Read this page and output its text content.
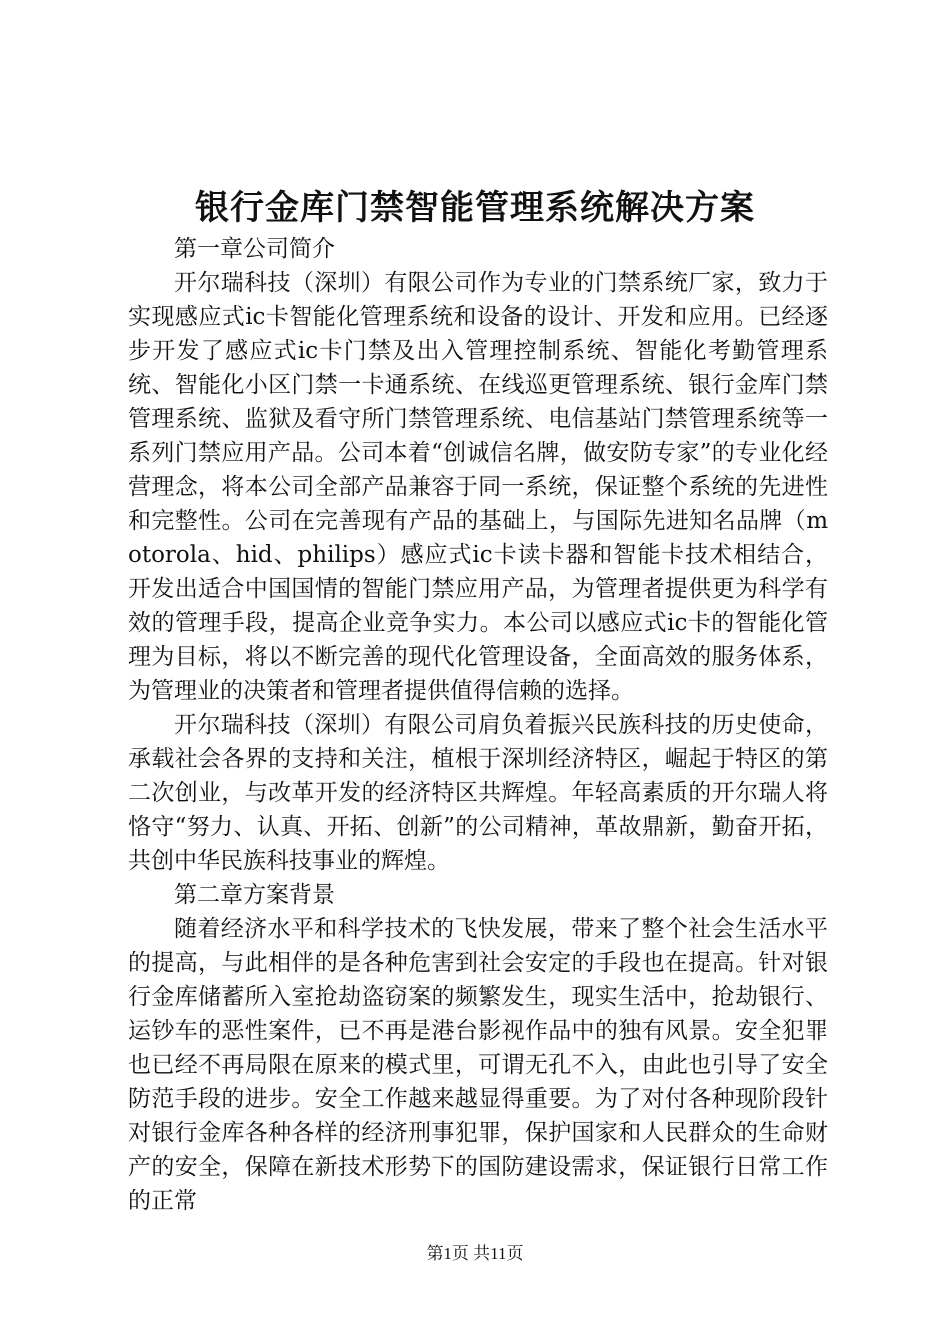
银行金库门禁智能管理系统解决方案

第一章公司简介

开尔瑞科技（深圳）有限公司作为专业的门禁系统厂家，致力于实现感应式ic卡智能化管理系统和设备的设计、开发和应用。已经逐步开发了感应式ic卡门禁及出入管理控制系统、智能化考勤管理系统、智能化小区门禁一卡通系统、在线巡更管理系统、银行金库门禁管理系统、监狱及看守所门禁管理系统、电信基站门禁管理系统等一系列门禁应用产品。公司本着“创诚信名牌，做安防专家”的专业化经营理念，将本公司全部产品兼容于同一系统，保证整个系统的先进性和完整性。公司在完善现有产品的基础上，与国际先进知名品牌（motorola、hid、philips）感应式ic卡读卡器和智能卡技术相结合，开发出适合中国国情的智能门禁应用产品，为管理者提供更为科学有效的管理手段，提高企业竞争实力。本公司以感应式ic卡的智能化管理为目标，将以不断完善的现代化管理设备，全面高效的服务体系，为管理业的决策者和管理者提供值得信赖的选择。

开尔瑞科技（深圳）有限公司肩负着振兴民族科技的历史使命，承载社会各界的支持和关注，植根于深圳经济特区，崛起于特区的第二次创业，与改革开发的经济特区共辉煌。年轻高素质的开尔瑞人将恪守“努力、认真、开拓、创新”的公司精神，革故鼎新，勤奋开拓，共创中华民族科技事业的辉煌。

第二章方案背景

随着经济水平和科学技术的飞快发展，带来了整个社会生活水平的提高，与此相伴的是各种危害到社会安定的手段也在提高。针对银行金库储蓄所入室抢劫盗窃案的频繁发生，现实生活中，抢劫银行、运钞车的恶性案件，已不再是港台影视作品中的独有风景。安全犯罪也已经不再局限在原来的模式里，可谓无孔不入，由此也引导了安全防范手段的进步。安全工作越来越显得重要。为了对付各种现阶段针对银行金库各种各样的经济刑事犯罪，保护国家和人民群众的生命财产的安全，保障在新技术形势下的国防建设需求，保证银行日常工作的正常

第1页 共11页
